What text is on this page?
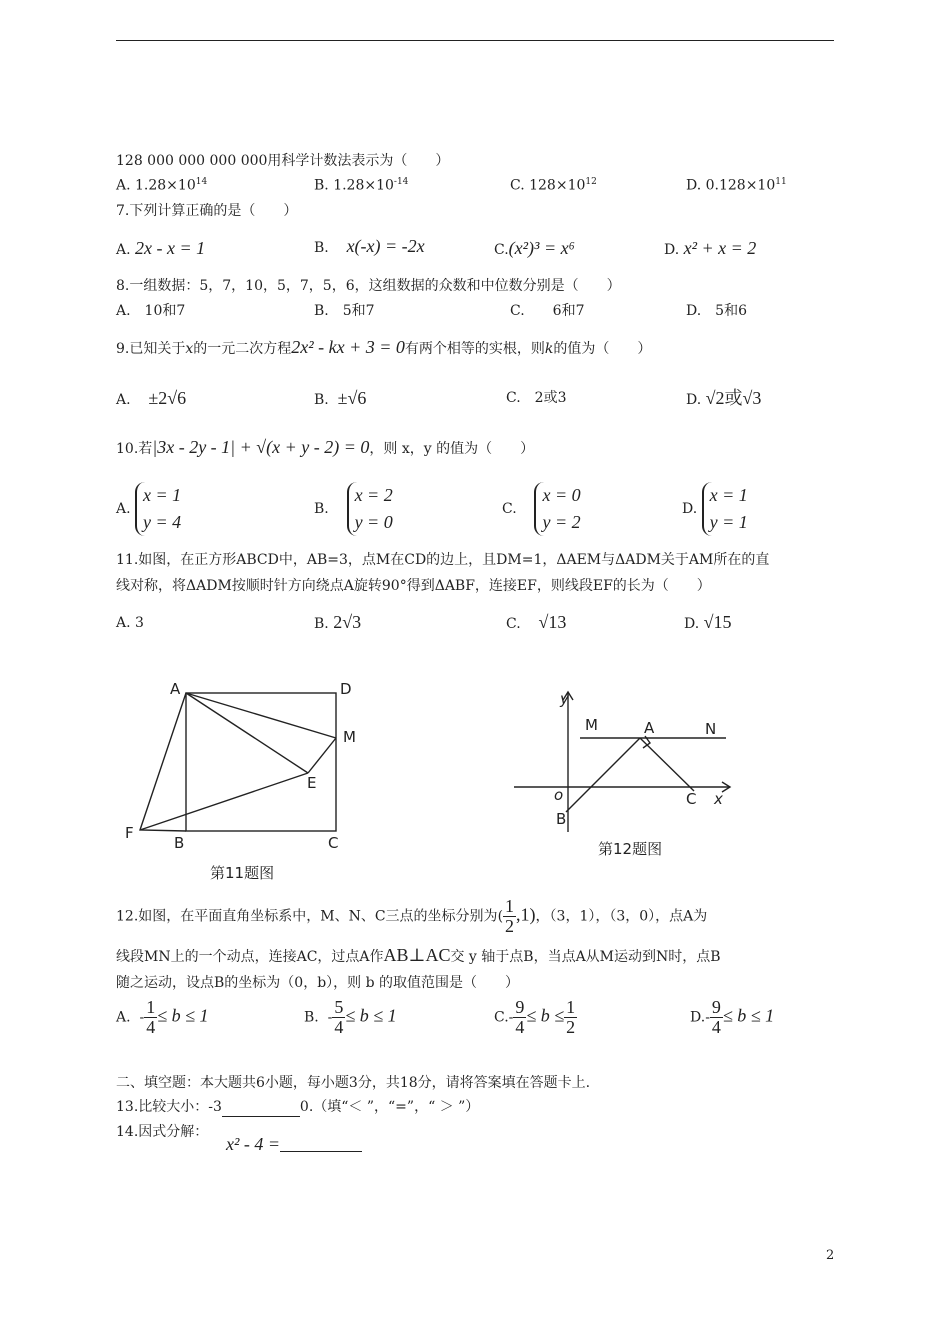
128 000 000 000 000用科学计数法表示为（　　）
A. $1.28\times 10^{14}$	B. $1.28\times 10^{-14}$	C. $128\times 10^{12}$	D. $0.128\times 10^{11}$
7.下列计算正确的是（　　）
A. 2x - x = 1	B. x(-x) = -2x	C.(x²)³ = x⁶	D. x² + x = 2
8.一组数据：5，7，10，5，7，5，6，这组数据的众数和中位数分别是（　　）
A.　10和7	B.　5和7	C.　　6和7	D.　5和6
9.已知关于x的一元二次方程2x² - kx + 3 = 0有两个相等的实根，则k的值为（　　）
A. ±2√6	B. ±√6	C.　2或3	D. √2或√3
10.若|3x - 2y - 1| + √(x + y - 2) = 0，则 x，y 的值为（　　）
A.
x = 1
y = 4
B.
x = 2
y = 0
C.
x = 0
y = 2
D.
x = 1
y = 1
11.如图，在正方形ABCD中，AB=3，点M在CD的边上，且DM=1，ΔAEM与ΔADM关于AM所在的直
线对称，将ΔADM按顺时针方向绕点A旋转90°得到ΔABF，连接EF，则线段EF的长为（　　）
A. 3	B. 2√3	C. √13	D. √15
A	D
M
E
F
B	C
第11题图
y
x
o
M	A	N
B
C
第12题图
12.如图，在平面直角坐标系中，M、N、C三点的坐标分别为( $\frac{1}{2} ,1$)，（3，1），（3，0），点A为
线段MN上的一个动点，连接AC，过点A作AB⊥AC交 y 轴于点B，当点A从M运动到N时，点B
随之运动，设点B的坐标为（0，b），则 b 的取值范围是（　　）
A.  - $\frac{1}{4} \le b \le 1$	B.  - $\frac{5}{4} \le b \le 1$	$C.- \frac{9}{4} \le b \le \frac{1}{2}$	$D.- \frac{9}{4} \le b \le 1$
二、填空题：本大题共6小题，每小题3分，共18分，请将答案填在答题卡上.
13.比较大小：-3	0.（填“＜ ”，“=”，“ ＞ ”）
14.因式分解：
x² - 4 =
2
